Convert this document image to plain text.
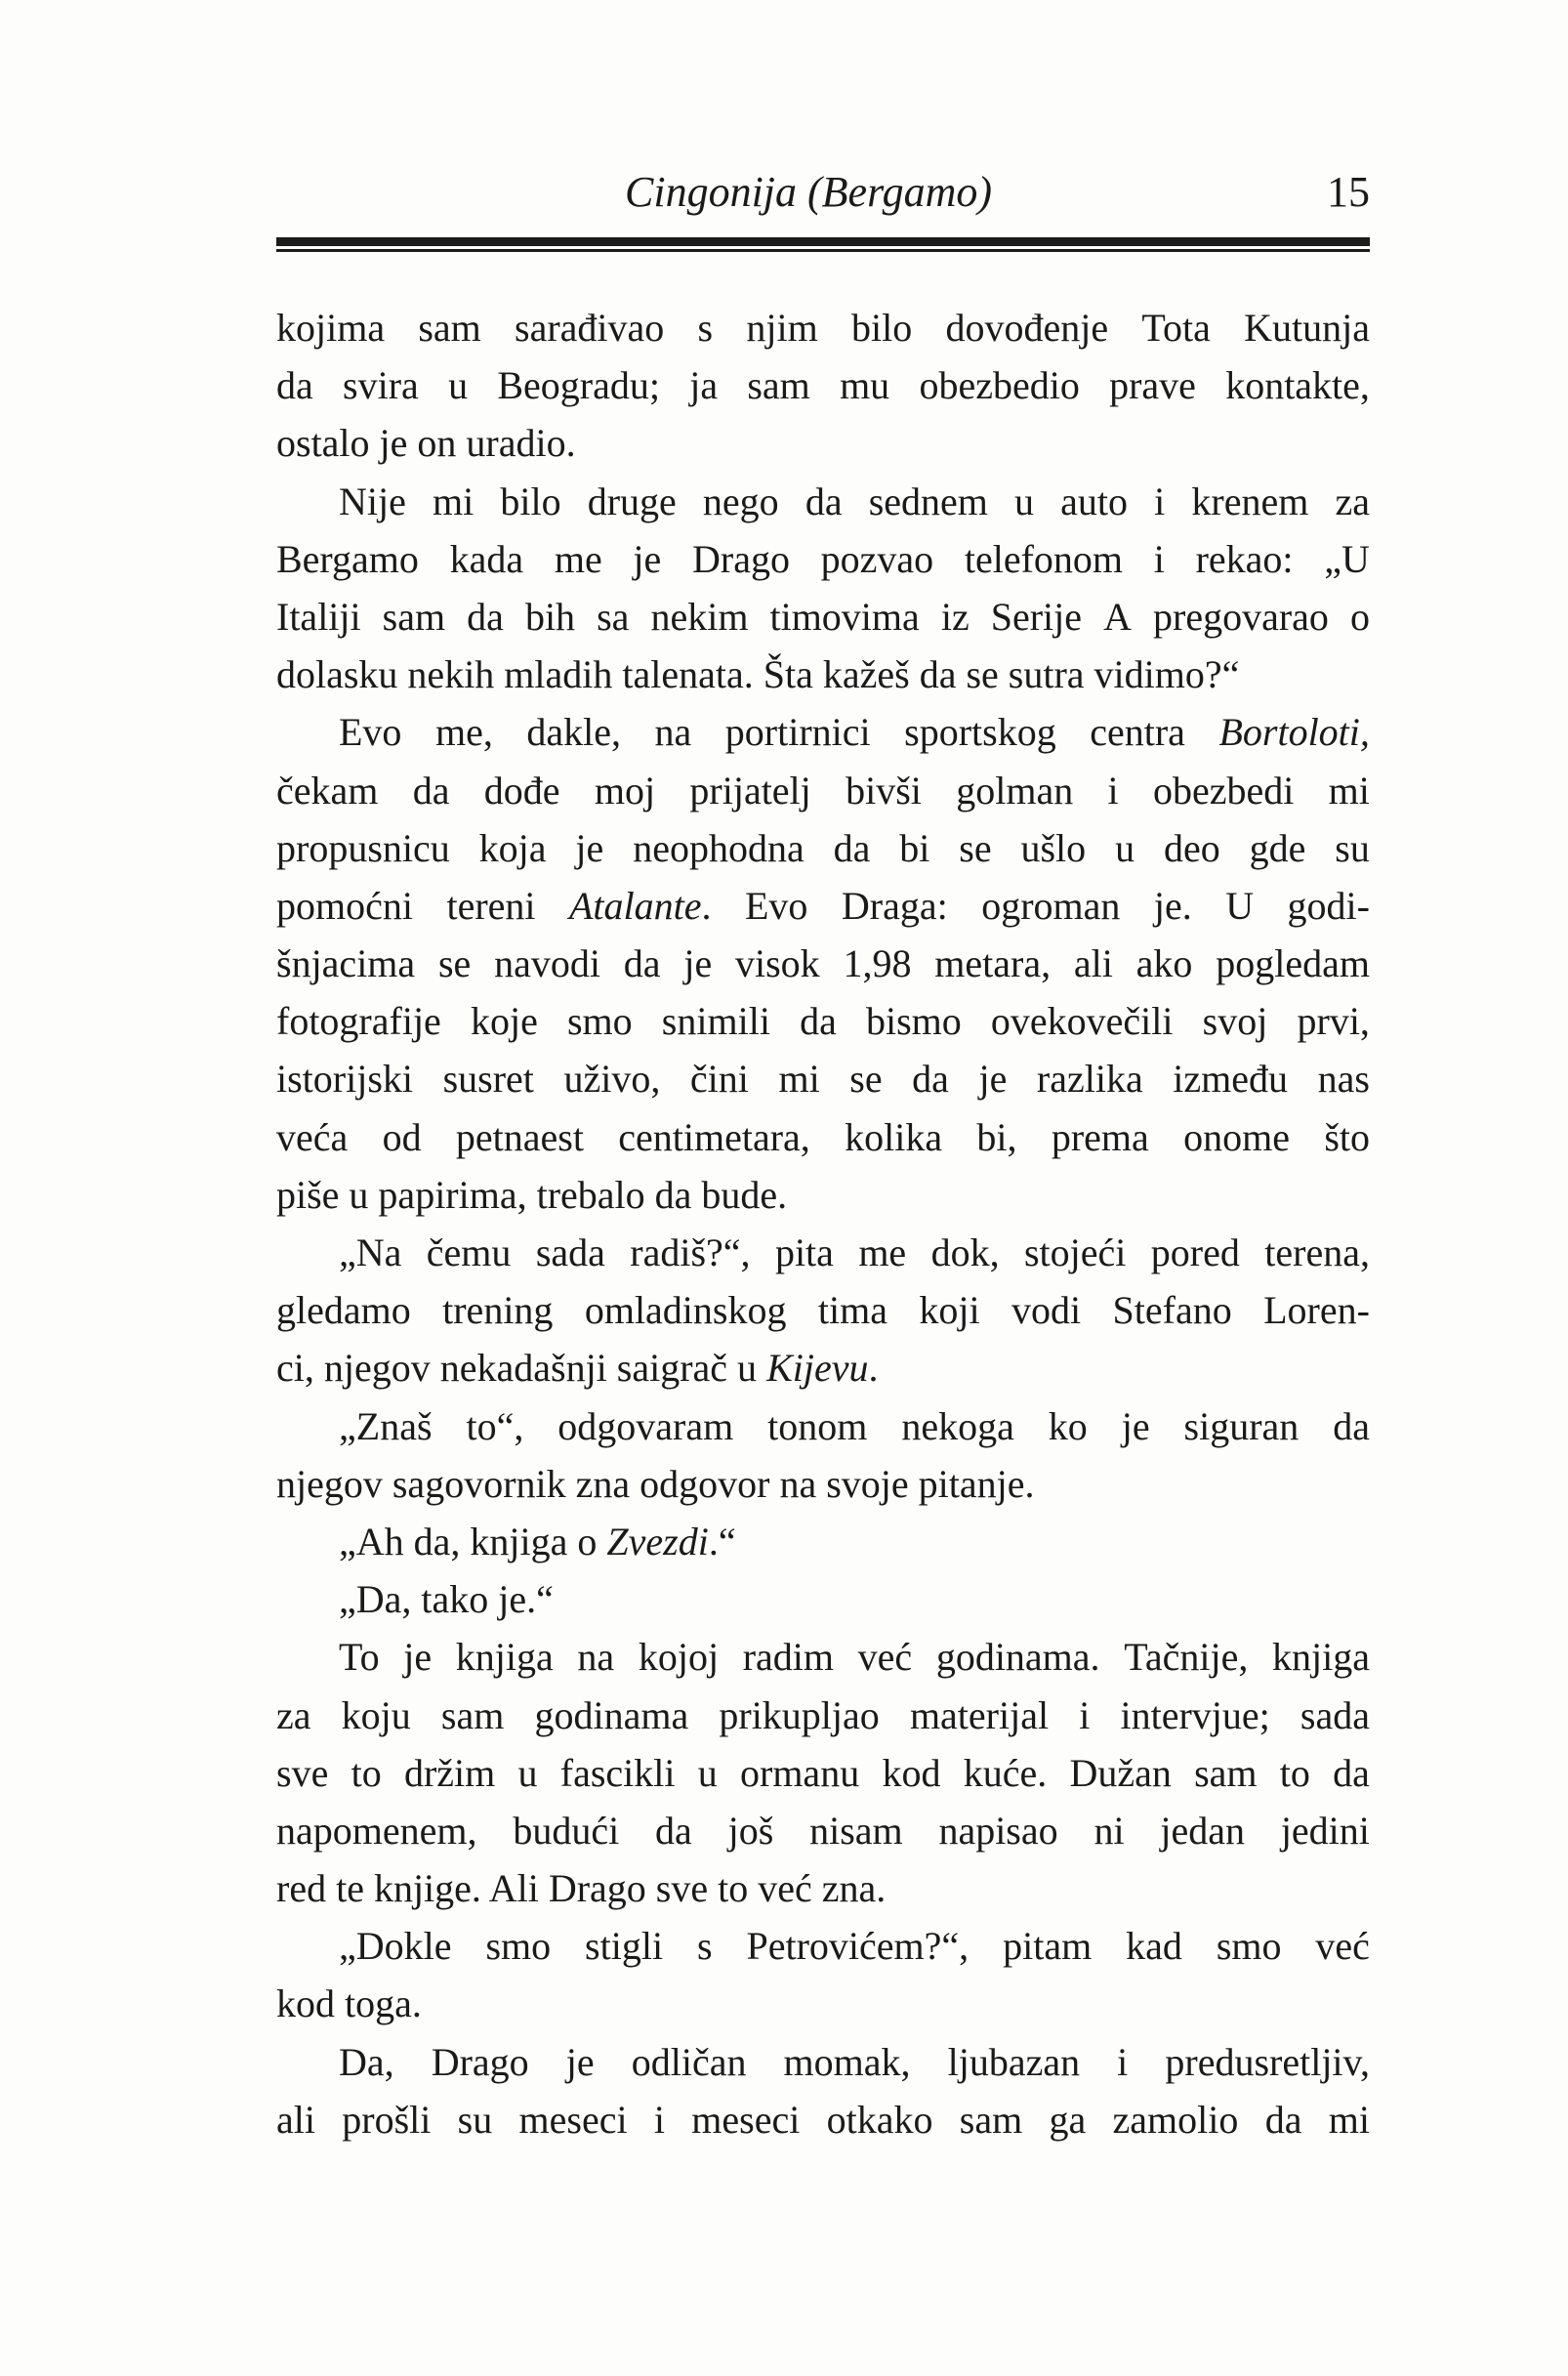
Cingonija (Bergamo)	15
kojima sam sarađivao s njim bilo dovođenje Tota Kutunja
da svira u Beogradu; ja sam mu obezbedio prave kontakte,
ostalo je on uradio.
Nije mi bilo druge nego da sednem u auto i krenem za
Bergamo kada me je Drago pozvao telefonom i rekao: „U
Italiji sam da bih sa nekim timovima iz Serije A pregovarao o
dolasku nekih mladih talenata. Šta kažeš da se sutra vidimo?“
Evo me, dakle, na portirnici sportskog centra Bortoloti,
čekam da dođe moj prijatelj bivši golman i obezbedi mi
propusnicu koja je neophodna da bi se ušlo u deo gde su
pomoćni tereni Atalante. Evo Draga: ogroman je. U godi-
šnjacima se navodi da je visok 1,98 metara, ali ako pogledam
fotografije koje smo snimili da bismo ovekovečili svoj prvi,
istorijski susret uživo, čini mi se da je razlika između nas
veća od petnaest centimetara, kolika bi, prema onome što
piše u papirima, trebalo da bude.
„Na čemu sada radiš?“, pita me dok, stojeći pored terena,
gledamo trening omladinskog tima koji vodi Stefano Loren-
ci, njegov nekadašnji saigrač u Kijevu.
„Znaš to“, odgovaram tonom nekoga ko je siguran da
njegov sagovornik zna odgovor na svoje pitanje.
„Ah da, knjiga o Zvezdi.“
„Da, tako je.“
To je knjiga na kojoj radim već godinama. Tačnije, knjiga
za koju sam godinama prikupljao materijal i intervjue; sada
sve to držim u fascikli u ormanu kod kuće. Dužan sam to da
napomenem, budući da još nisam napisao ni jedan jedini
red te knjige. Ali Drago sve to već zna.
„Dokle smo stigli s Petrovićem?“, pitam kad smo već
kod toga.
Da, Drago je odličan momak, ljubazan i predusretljiv,
ali prošli su meseci i meseci otkako sam ga zamolio da mi
